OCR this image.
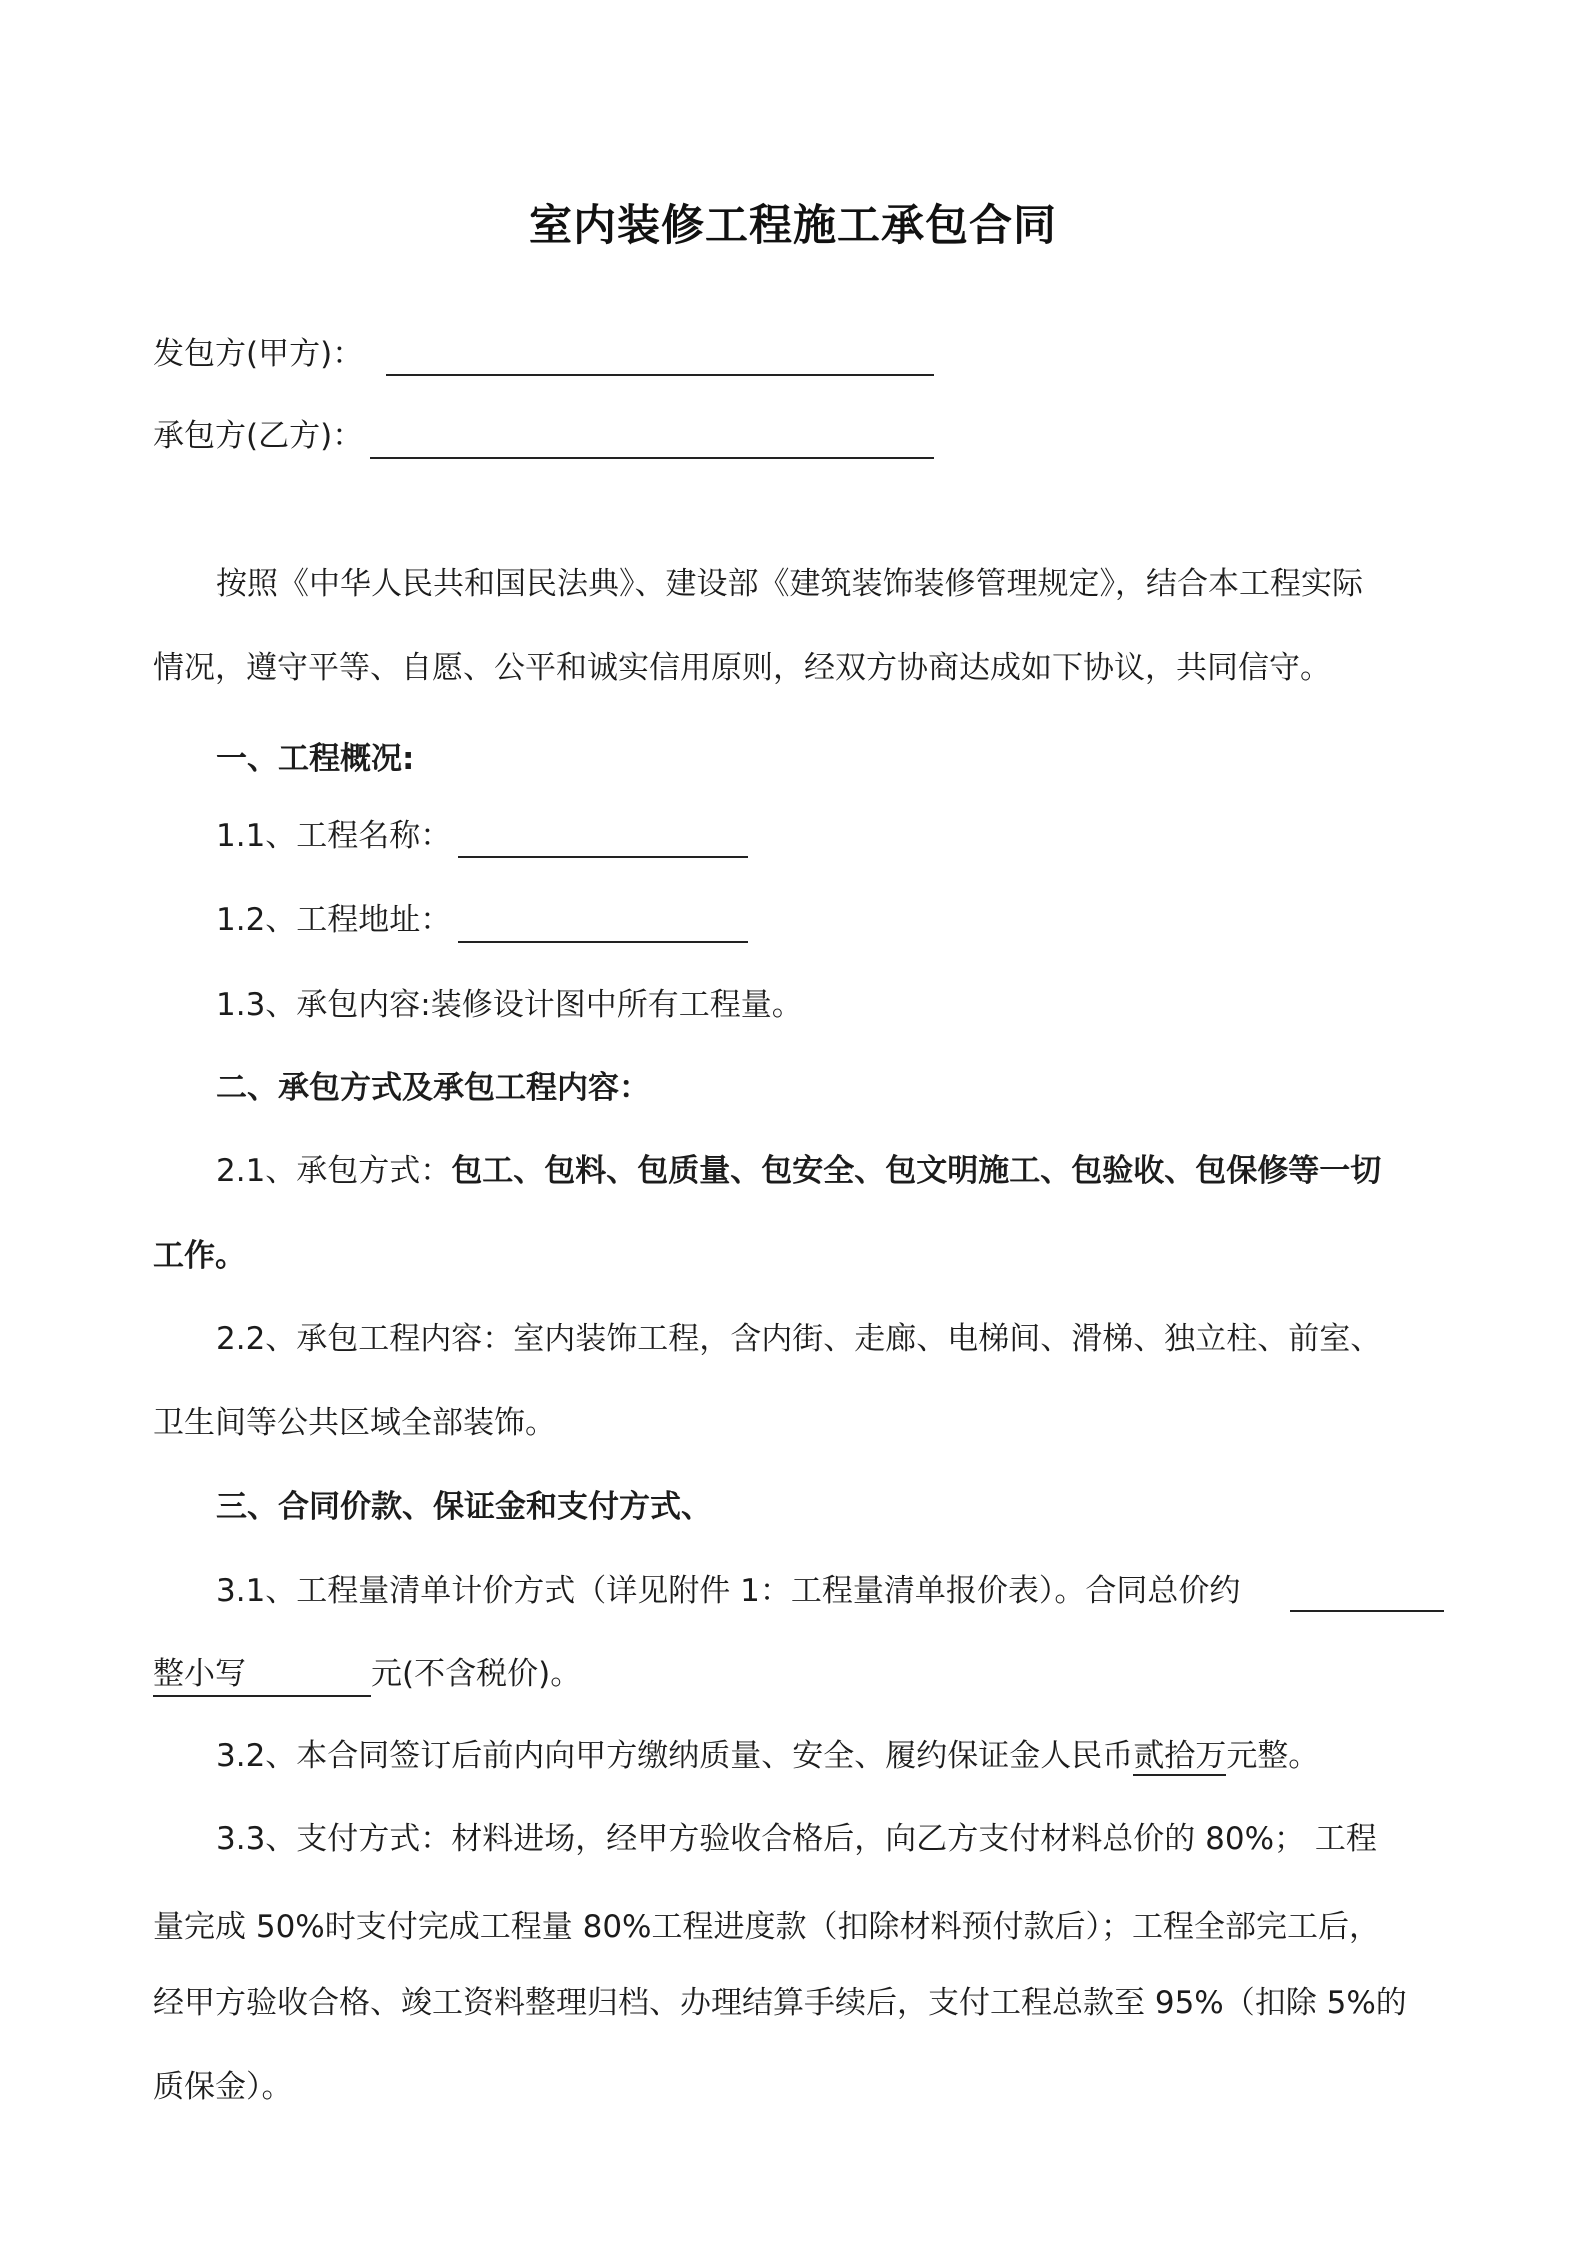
室内装修工程施工承包合同
发包方(甲方)：
承包方(乙方)：
按照《中华人民共和国民法典》、建设部《建筑装饰装修管理规定》，结合本工程实际
情况，遵守平等、自愿、公平和诚实信用原则，经双方协商达成如下协议，共同信守。
一、工程概况:
1.1、工程名称：
1.2、工程地址：
1.3、承包内容:装修设计图中所有工程量。
二、承包方式及承包工程内容：
2.1、承包方式：包工、包料、包质量、包安全、包文明施工、包验收、包保修等一切
工作。
2.2、承包工程内容：室内装饰工程，含内街、走廊、电梯间、滑梯、独立柱、前室、
卫生间等公共区域全部装饰。
三、合同价款、保证金和支付方式、
3.1、工程量清单计价方式（详见附件 1：工程量清单报价表）。合同总价约
整小写	元(不含税价)。
3.2、本合同签订后前内向甲方缴纳质量、安全、履约保证金人民币贰拾万元整。
3.3、支付方式：材料进场，经甲方验收合格后，向乙方支付材料总价的 80%； 工程
量完成 50%时支付完成工程量 80%工程进度款（扣除材料预付款后）；工程全部完工后，
经甲方验收合格、竣工资料整理归档、办理结算手续后，支付工程总款至 95%（扣除 5%的
质保金）。
